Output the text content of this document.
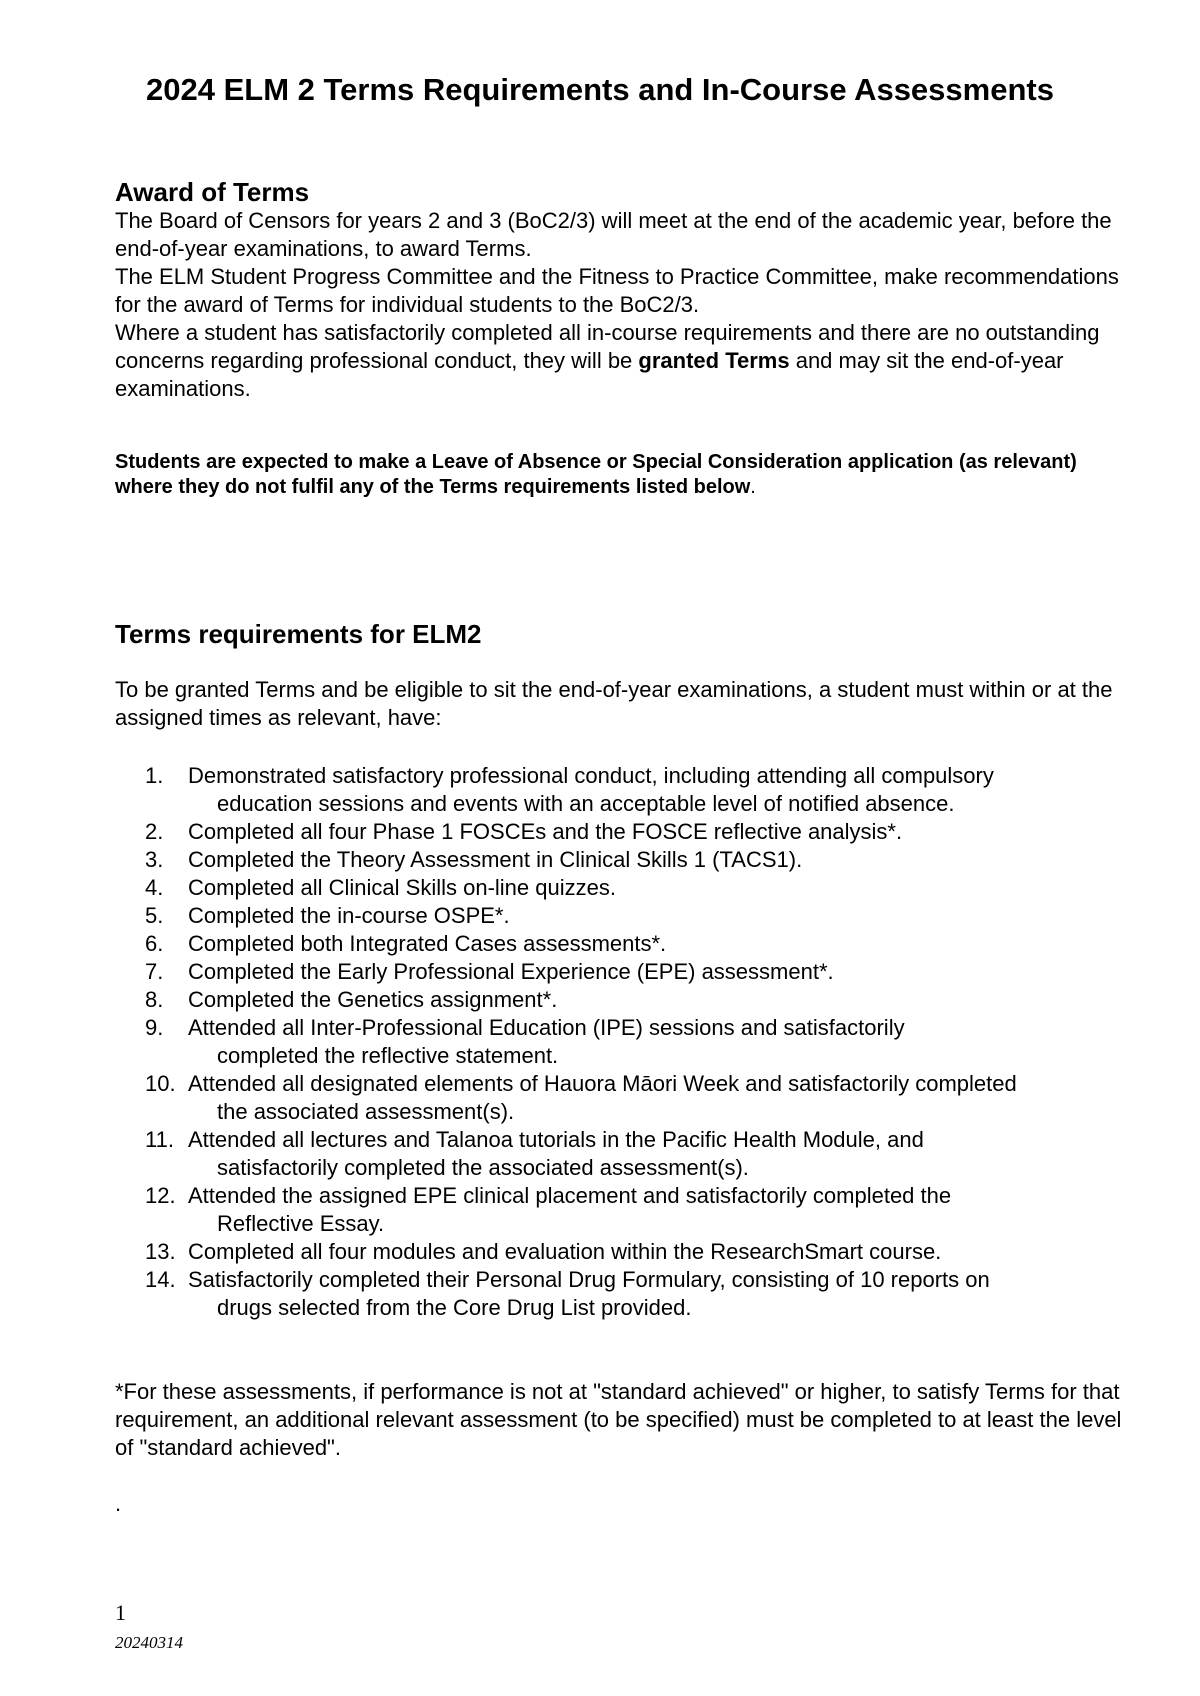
2024 ELM 2 Terms Requirements and In-Course Assessments
Award of Terms

The Board of Censors for years 2 and 3 (BoC2/3) will meet at the end of the academic year, before the end-of-year examinations, to award Terms.

The ELM Student Progress Committee and the Fitness to Practice Committee, make recommendations for the award of Terms for individual students to the BoC2/3.

Where a student has satisfactorily completed all in-course requirements and there are no outstanding concerns regarding professional conduct, they will be granted Terms and may sit the end-of-year examinations.

Students are expected to make a Leave of Absence or Special Consideration application (as relevant) where they do not fulfil any of the Terms requirements listed below.
Terms requirements for ELM2
To be granted Terms and be eligible to sit the end-of-year examinations, a student must within or at the assigned times as relevant, have:
1.	Demonstrated satisfactory professional conduct, including attending all compulsory
education sessions and events with an acceptable level of notified absence.
2.	Completed all four Phase 1 FOSCEs and the FOSCE reflective analysis*.
3.	Completed the Theory Assessment in Clinical Skills 1 (TACS1).
4.	Completed all Clinical Skills on-line quizzes.
5.	Completed the in-course OSPE*.
6.	Completed both Integrated Cases assessments*.
7.	Completed the Early Professional Experience (EPE) assessment*.
8.	Completed the Genetics assignment*.
9.	Attended all Inter-Professional Education (IPE) sessions and satisfactorily
completed the reflective statement.
10. Attended all designated elements of Hauora Māori Week and satisfactorily completed
the associated assessment(s).
11. Attended all lectures and Talanoa tutorials in the Pacific Health Module, and
satisfactorily completed the associated assessment(s).
12. Attended the assigned EPE clinical placement and satisfactorily completed the
Reflective Essay.
13. Completed all four modules and evaluation within the ResearchSmart course.
14. Satisfactorily completed their Personal Drug Formulary, consisting of 10 reports on
drugs selected from the Core Drug List provided.
*For these assessments, if performance is not at "standard achieved" or higher, to satisfy Terms for that requirement, an additional relevant assessment (to be specified) must be completed to at least the level of "standard achieved".
.
1
20240314
